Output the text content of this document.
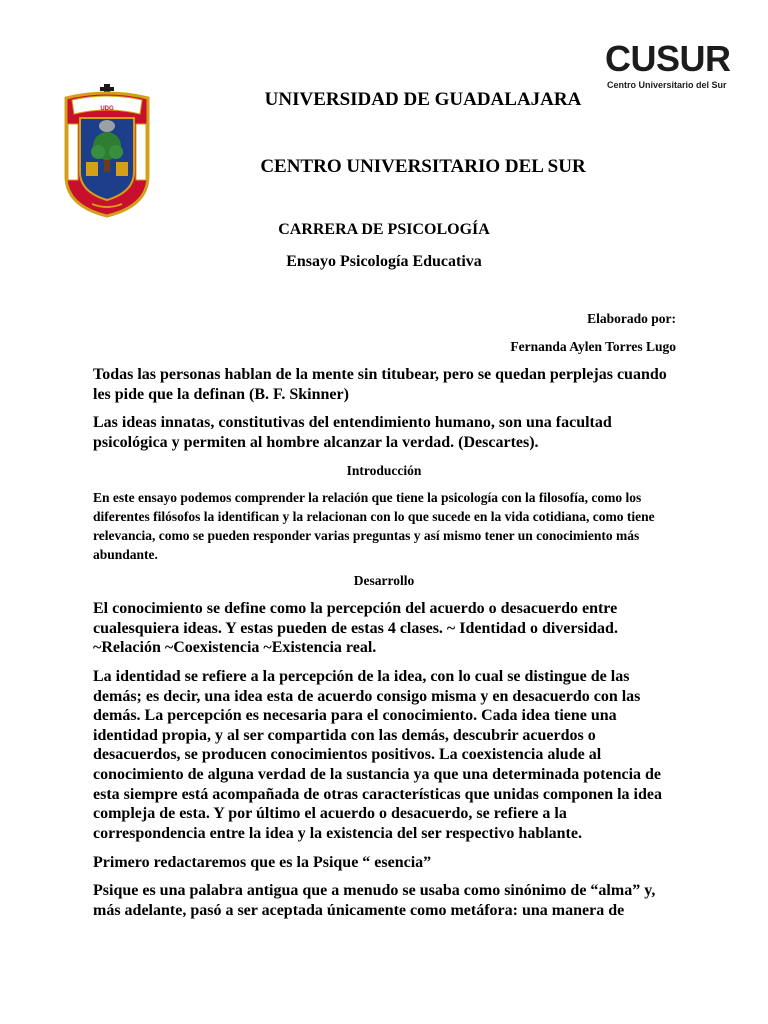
UDG
CUSUR
Centro Universitario del Sur
UNIVERSIDAD DE GUADALAJARA
CENTRO UNIVERSITARIO DEL SUR
CARRERA DE PSICOLOGÍA
Ensayo Psicología Educativa
Elaborado por:
Fernanda Aylen Torres Lugo

Todas las personas hablan de la mente sin titubear, pero se quedan perplejas cuando les pide que la definan (B. F. Skinner)

Las ideas innatas, constitutivas del entendimiento humano, son una facultad psicológica y permiten al hombre alcanzar la verdad. (Descartes).

Introducción

En este ensayo podemos comprender la relación que tiene la psicología con la filosofía, como los diferentes filósofos la identifican y la relacionan con lo que sucede en la vida cotidiana, como tiene relevancia, como se pueden responder varias preguntas y así mismo tener un conocimiento más abundante.

Desarrollo

El conocimiento se define como la percepción del acuerdo o desacuerdo entre cualesquiera ideas. Y estas pueden de estas 4 clases. ~ Identidad o diversidad. ~Relación ~Coexistencia ~Existencia real.

La identidad se refiere a la percepción de la idea, con lo cual se distingue de las demás; es decir, una idea esta de acuerdo consigo misma y en desacuerdo con las demás. La percepción es necesaria para el conocimiento. Cada idea tiene una identidad propia, y al ser compartida con las demás, descubrir acuerdos o desacuerdos, se producen conocimientos positivos. La coexistencia alude al conocimiento de alguna verdad de la sustancia ya que una determinada potencia de esta siempre está acompañada de otras características que unidas componen la idea compleja de esta. Y por último el acuerdo o desacuerdo, se refiere a la correspondencia entre la idea y la existencia del ser respectivo hablante.

Primero redactaremos que es la Psique “ esencia”

Psique es una palabra antigua que a menudo se usaba como sinónimo de “alma” y, más adelante, pasó a ser aceptada únicamente como metáfora: una manera de
